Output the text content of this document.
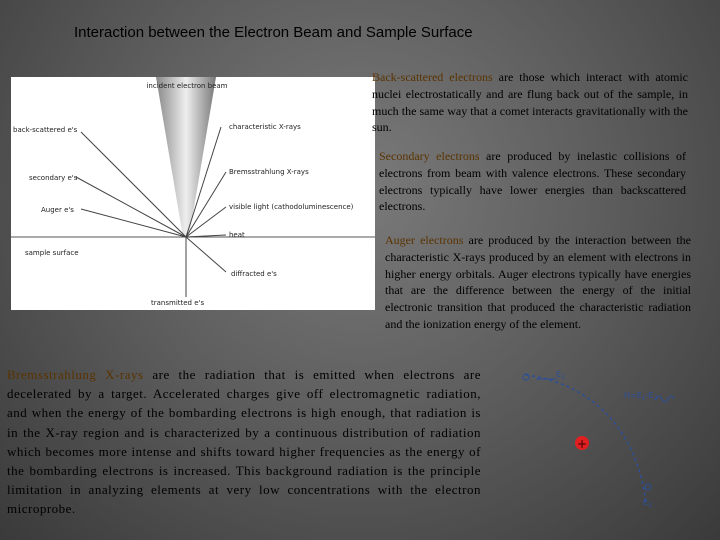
Interaction between the Electron Beam and Sample Surface
incident electron beam
back-scattered e's	characteristic X-rays
secondary e's
Bremsstrahlung X-rays
Auger e's	visible light (cathodoluminescence)
heat
sample surface
diffracted e's
transmitted e's
Back-scattered electrons are those which interact with atomic nuclei electrostatically and are flung back out of the sample, in much the same way that a comet interacts gravitationally with the sun.
Secondary electrons are produced by inelastic collisions of electrons from beam with valence electrons. These secondary electrons typically have lower energies than backscattered electrons.
Auger electrons are produced by the interaction between the characteristic X-rays produced by an element with electrons in higher energy orbitals. Auger electrons typically have energies that are the difference between the energy of the initial electronic transition that produced the characteristic radiation and the ionization energy of the element.
Bremsstrahlung X-rays are the radiation that is emitted when electrons are decelerated by a target. Accelerated charges give off electromagnetic radiation, and when the energy of the bombarding electrons is high enough, that radiation is in the X-ray region and is characterized by a continuous distribution of radiation which becomes more intense and shifts toward higher frequencies as the energy of the bombarding electrons is increased. This background radiation is the principle limitation in analyzing elements at very low concentrations with the electron microprobe.
$E_1$
$H=E_1-E_2$
+
$E_2$
